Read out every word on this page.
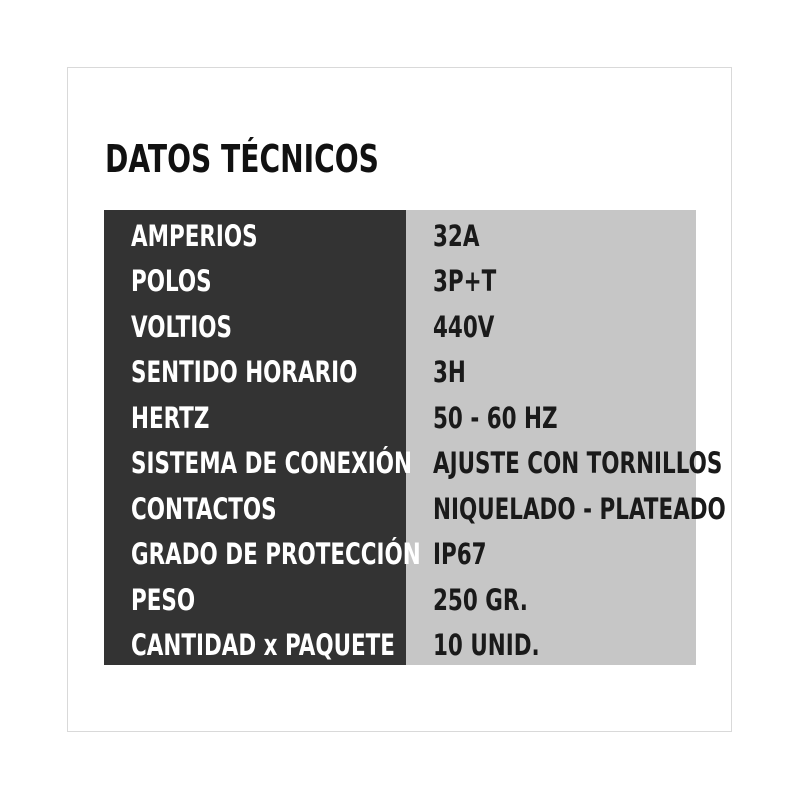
DATOS TÉCNICOS
AMPERIOS
POLOS
VOLTIOS
SENTIDO HORARIO
HERTZ
SISTEMA DE CONEXIÓN
CONTACTOS
GRADO DE PROTECCIÓN
PESO
CANTIDAD x PAQUETE
32A
3P+T
440V
3H
50 - 60 HZ
AJUSTE CON TORNILLOS
NIQUELADO - PLATEADO
IP67
250 GR.
10 UNID.
